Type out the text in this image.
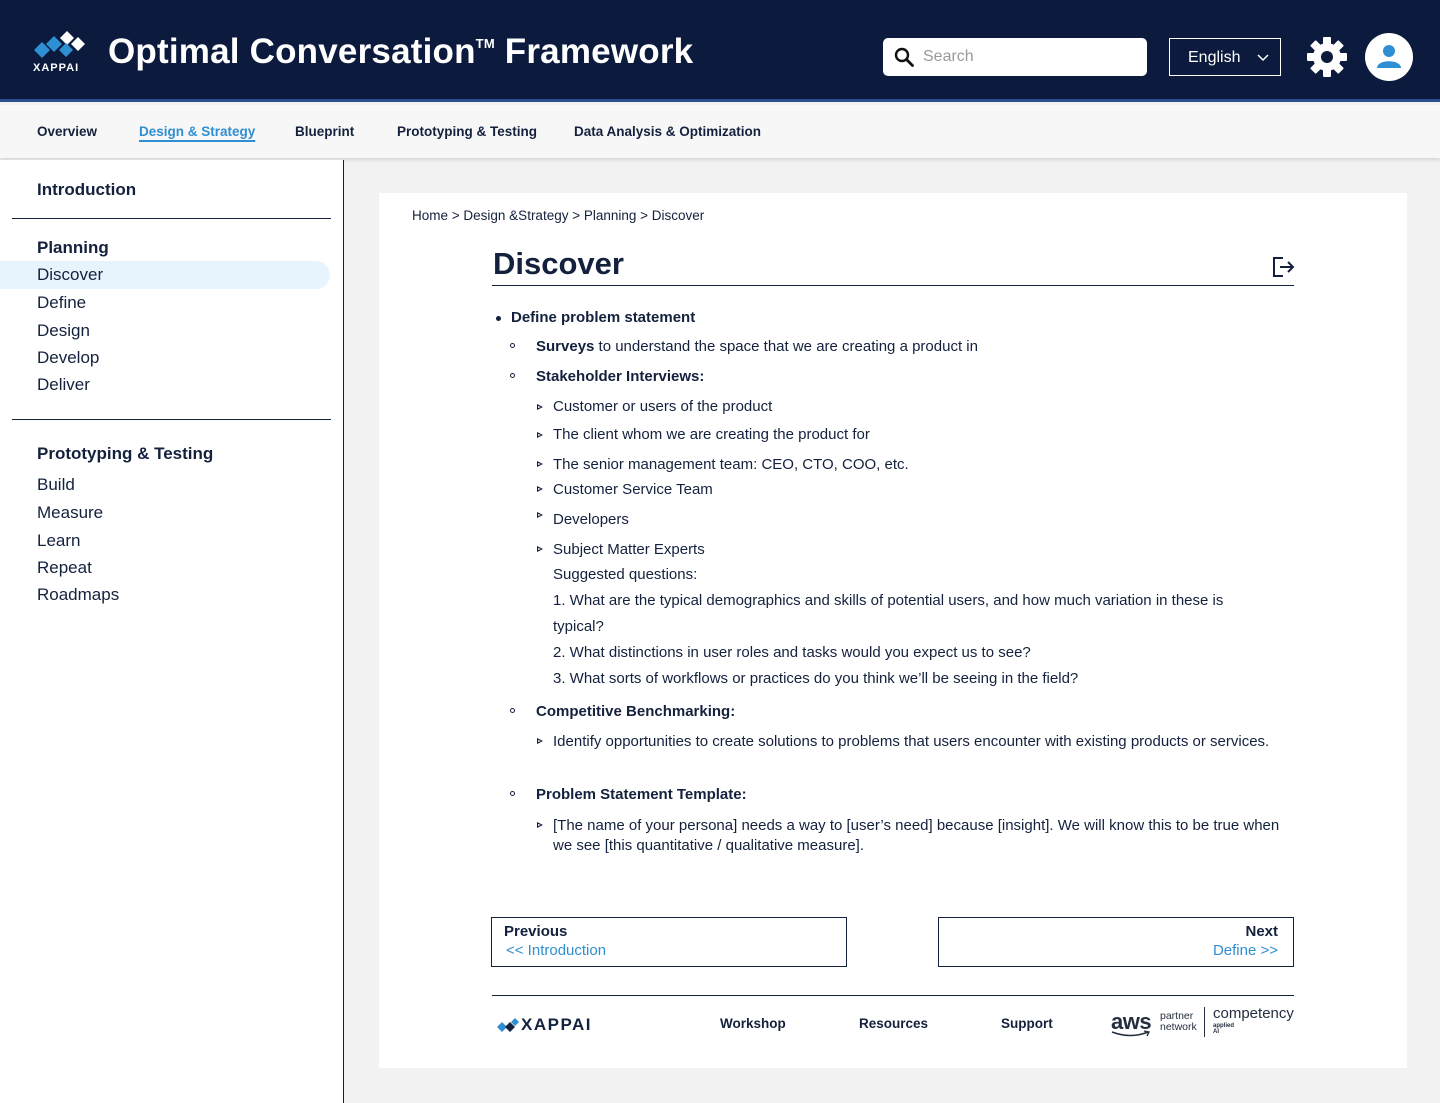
XAPPAI Optimal Conversation™ Framework
Search	English
Overview	Design & Strategy	Blueprint	Prototyping & Testing	Data Analysis & Optimization
Introduction
Planning
Discover
Define
Design
Develop
Deliver
Prototyping & Testing
Build
Measure
Learn
Repeat
Roadmaps
Home > Design &Strategy > Planning > Discover
Discover
Define problem statement
Surveys to understand the space that we are creating a product in
Stakeholder Interviews:
Customer or users of the product
The client whom we are creating the product for
The senior management team: CEO, CTO, COO, etc.
Customer Service Team
Developers
Subject Matter Experts
Suggested questions:
1. What are the typical demographics and skills of potential users, and how much variation in these is
typical?
2. What distinctions in user roles and tasks would you expect us to see?
3. What sorts of workflows or practices do you think we’ll be seeing in the field?
Competitive Benchmarking:
Identify opportunities to create solutions to problems that users encounter with existing products or services.
Problem Statement Template:
[The name of your persona] needs a way to [user’s need] because [insight]. We will know this to be true when we see [this quantitative / qualitative measure].
Previous
<< Introduction
Next
Define >>
XAPPAI	Workshop	Resources	Support	aws partner
network
competency
applied AI
